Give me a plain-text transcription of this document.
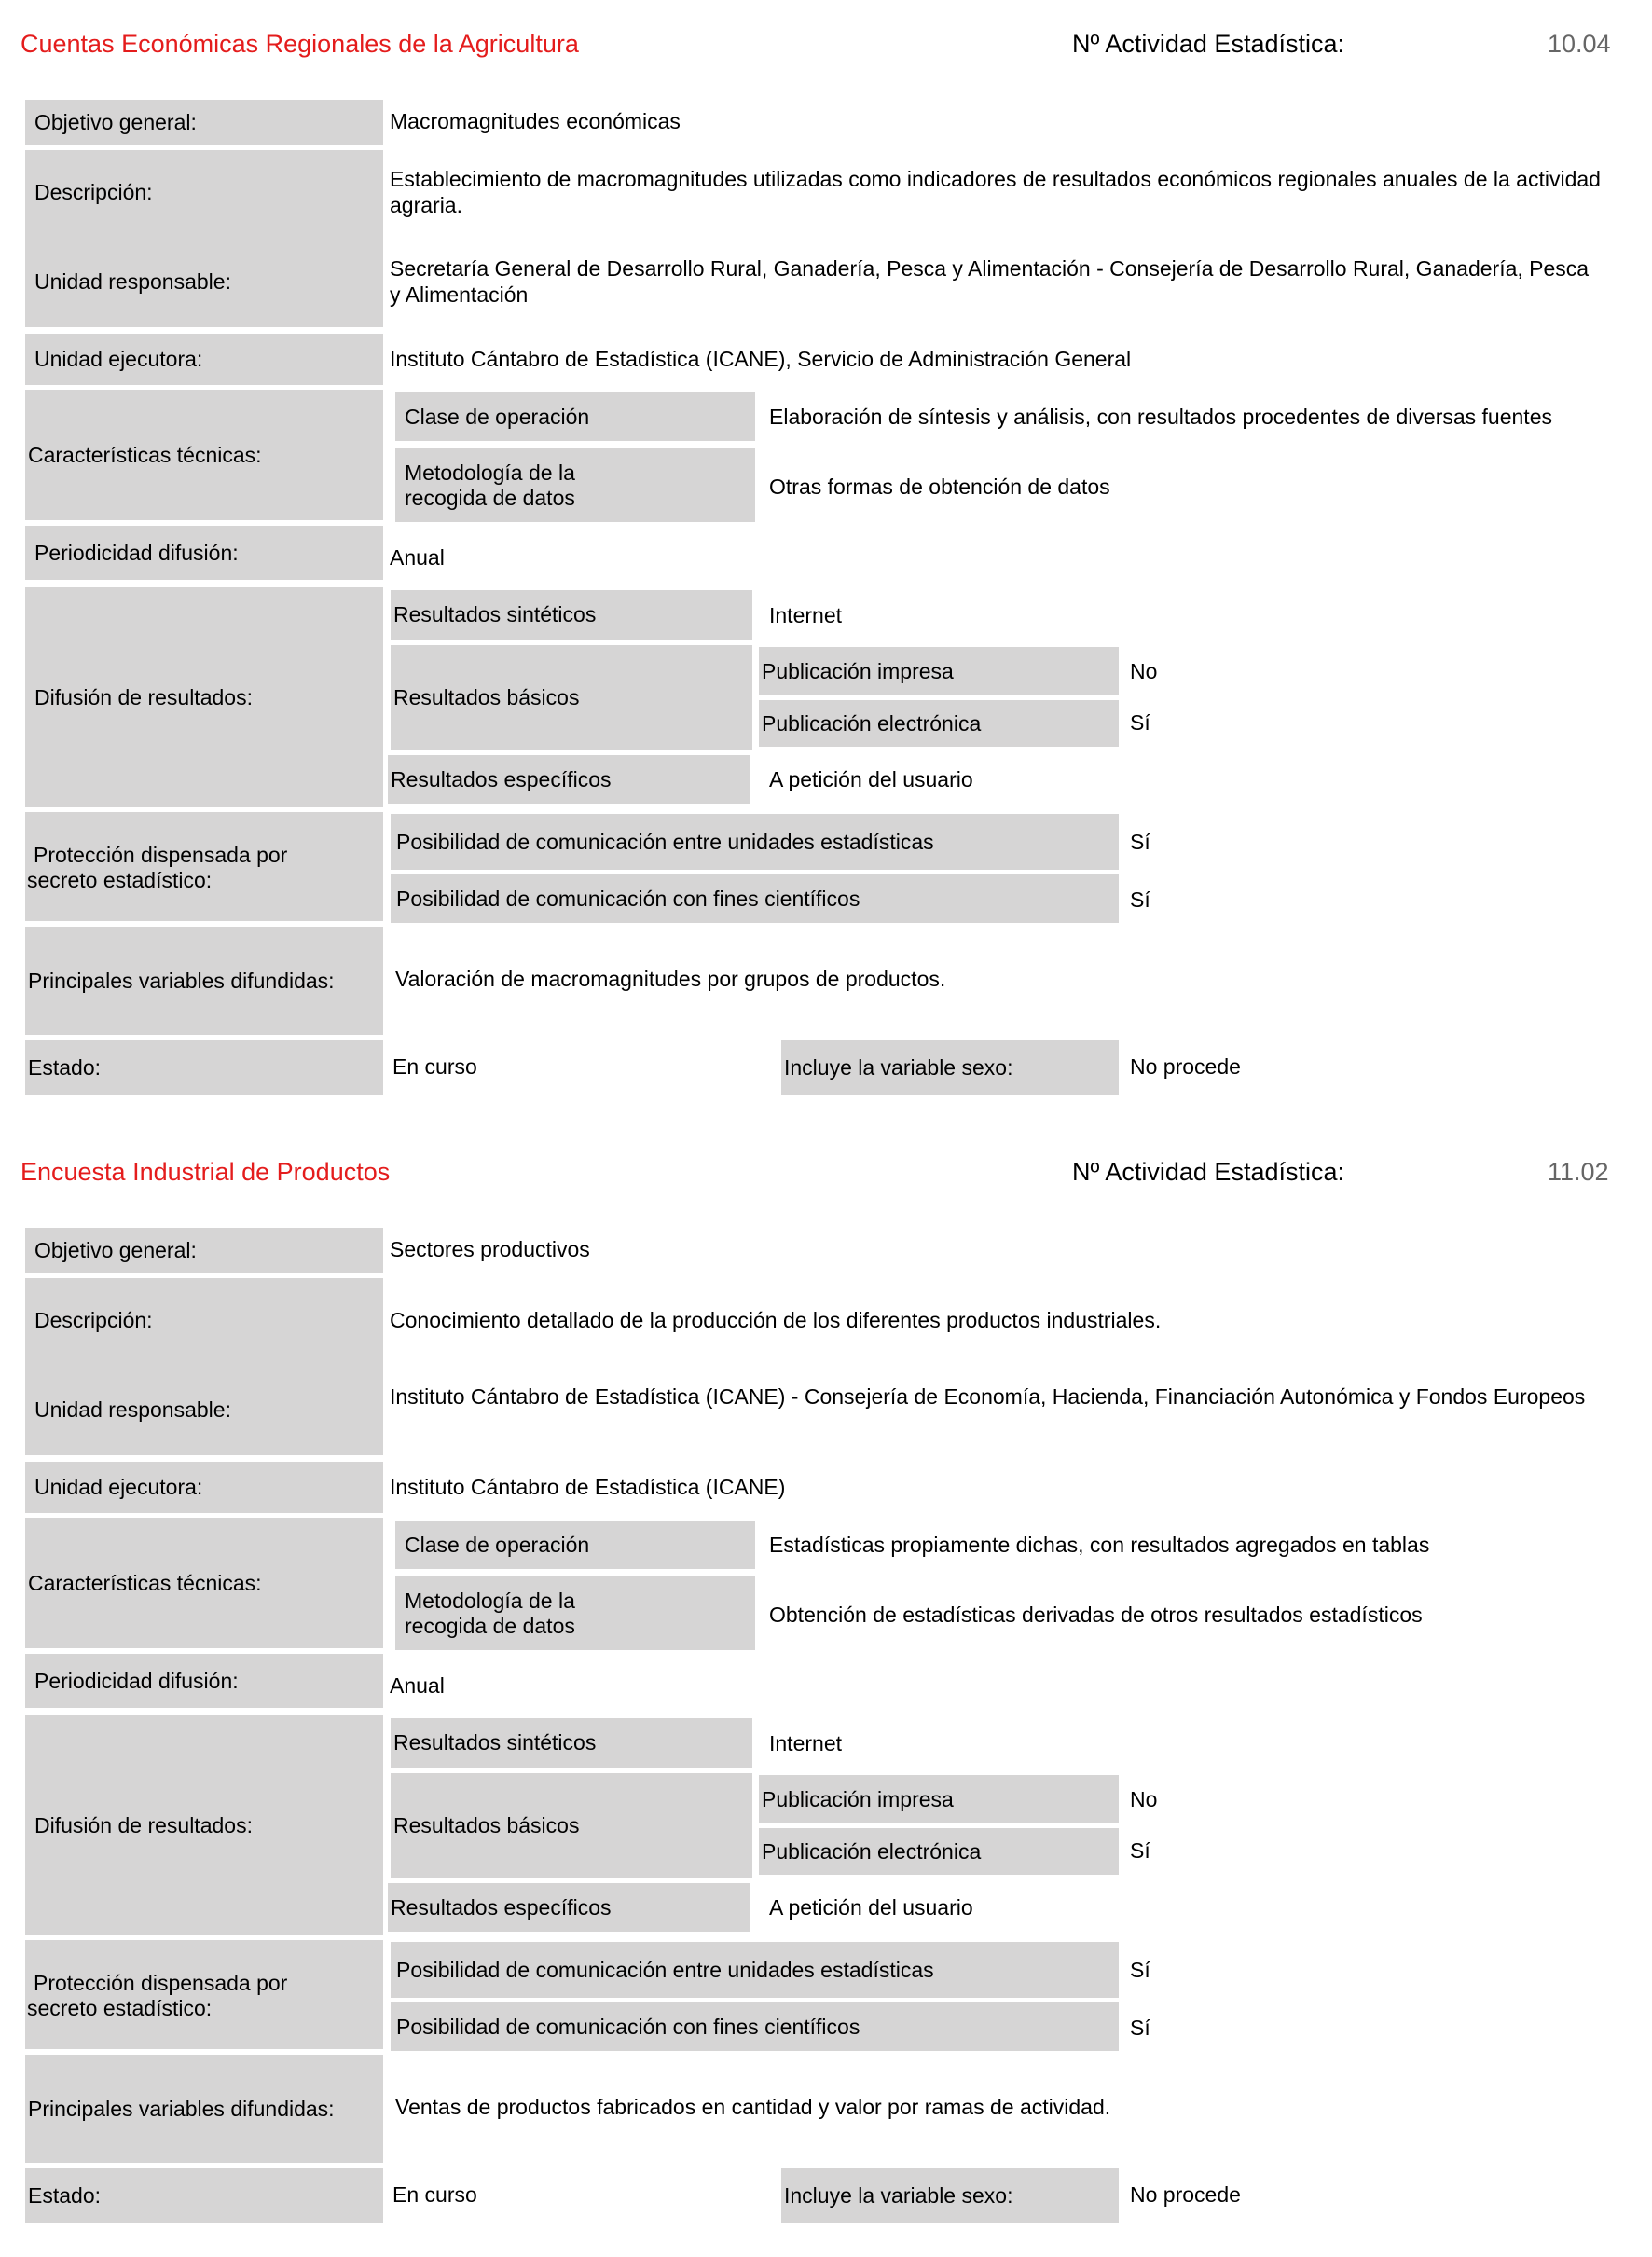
Cuentas Económicas Regionales de la Agricultura	Nº Actividad Estadística:	10.04
Objetivo general:	Macromagnitudes económicas
Descripción:
Establecimiento de macromagnitudes utilizadas como indicadores de resultados económicos regionales anuales de la actividad agraria.
Unidad responsable:
Secretaría General de Desarrollo Rural, Ganadería, Pesca y Alimentación - Consejería de Desarrollo Rural, Ganadería, Pesca y Alimentación
Unidad ejecutora:	Instituto Cántabro de Estadística (ICANE), Servicio de Administración General
Características técnicas:
Clase de operación	Elaboración de síntesis y análisis, con resultados procedentes de diversas fuentes
Metodología de la
recogida de datos	Otras formas de obtención de datos
Periodicidad difusión:	Anual
Difusión de resultados:
Resultados sintéticos	Internet
Resultados básicos
Publicación impresa	No
Publicación electrónica	Sí
Resultados específicos	A petición del usuario
Protección dispensada por
secreto estadístico:
Posibilidad de comunicación entre unidades estadísticas	Sí
Posibilidad de comunicación con fines científicos	Sí
Principales variables difundidas:	Valoración de macromagnitudes por grupos de productos.
Estado:	En curso	Incluye la variable sexo:	No procede
Encuesta Industrial de Productos	Nº Actividad Estadística:	11.02
Objetivo general:	Sectores productivos
Descripción:	Conocimiento detallado de la producción de los diferentes productos industriales.
Unidad responsable:
Instituto Cántabro de Estadística (ICANE) - Consejería de Economía, Hacienda, Financiación Autonómica y Fondos Europeos
Unidad ejecutora:	Instituto Cántabro de Estadística (ICANE)
Características técnicas:
Clase de operación	Estadísticas propiamente dichas, con resultados agregados en tablas
Metodología de la
recogida de datos	Obtención de estadísticas derivadas de otros resultados estadísticos
Periodicidad difusión:	Anual
Difusión de resultados:
Resultados sintéticos	Internet
Resultados básicos
Publicación impresa	No
Publicación electrónica	Sí
Resultados específicos	A petición del usuario
Protección dispensada por
secreto estadístico:
Posibilidad de comunicación entre unidades estadísticas	Sí
Posibilidad de comunicación con fines científicos	Sí
Principales variables difundidas:	Ventas de productos fabricados en cantidad y valor por ramas de actividad.
Estado:	En curso	Incluye la variable sexo:	No procede
